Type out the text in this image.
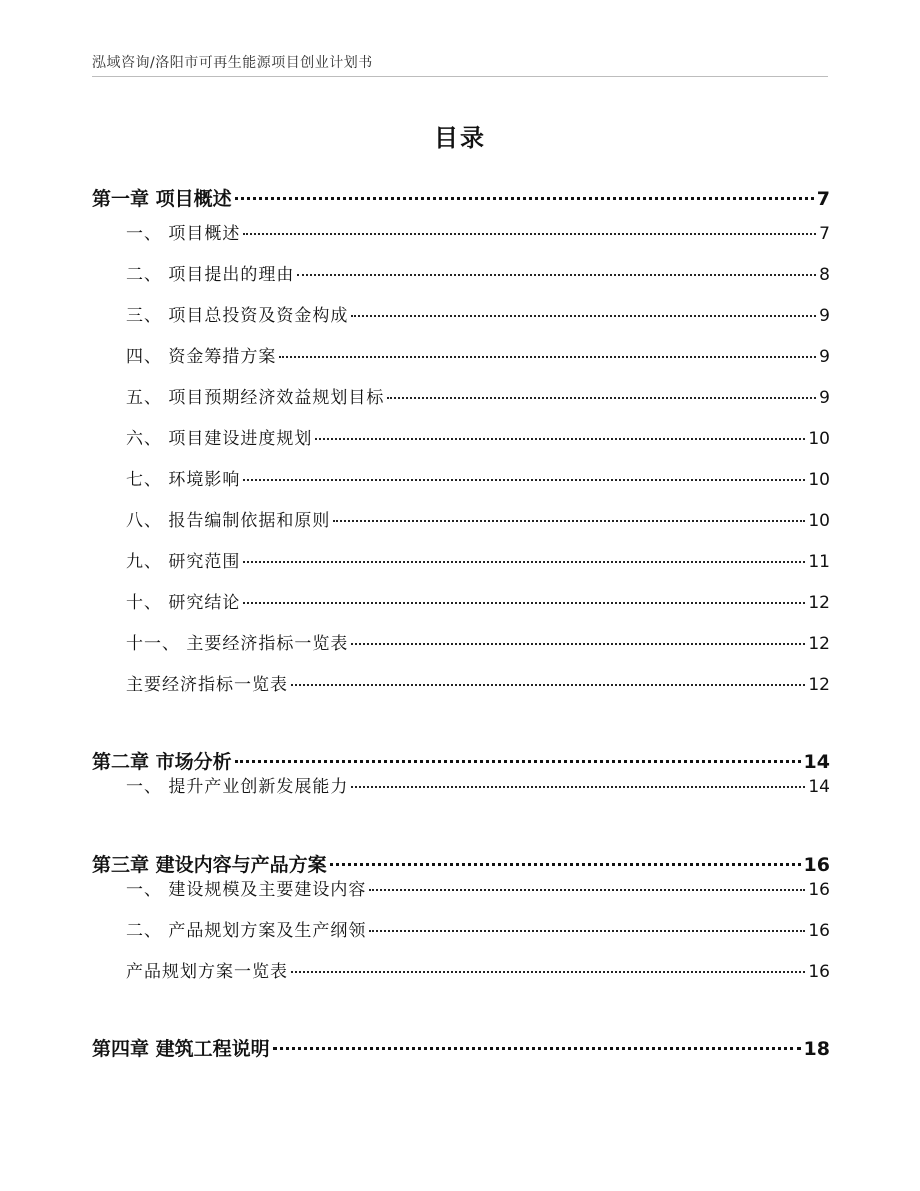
泓域咨询/洛阳市可再生能源项目创业计划书
目录
第一章 项目概述	7
一、 项目概述	7
二、 项目提出的理由	8
三、 项目总投资及资金构成	9
四、 资金筹措方案	9
五、 项目预期经济效益规划目标	9
六、 项目建设进度规划	10
七、 环境影响	10
八、 报告编制依据和原则	10
九、 研究范围	11
十、 研究结论	12
十一、 主要经济指标一览表	12
主要经济指标一览表	12
第二章 市场分析	14
一、 提升产业创新发展能力	14
第三章 建设内容与产品方案	16
一、 建设规模及主要建设内容	16
二、 产品规划方案及生产纲领	16
产品规划方案一览表	16
第四章 建筑工程说明	18
